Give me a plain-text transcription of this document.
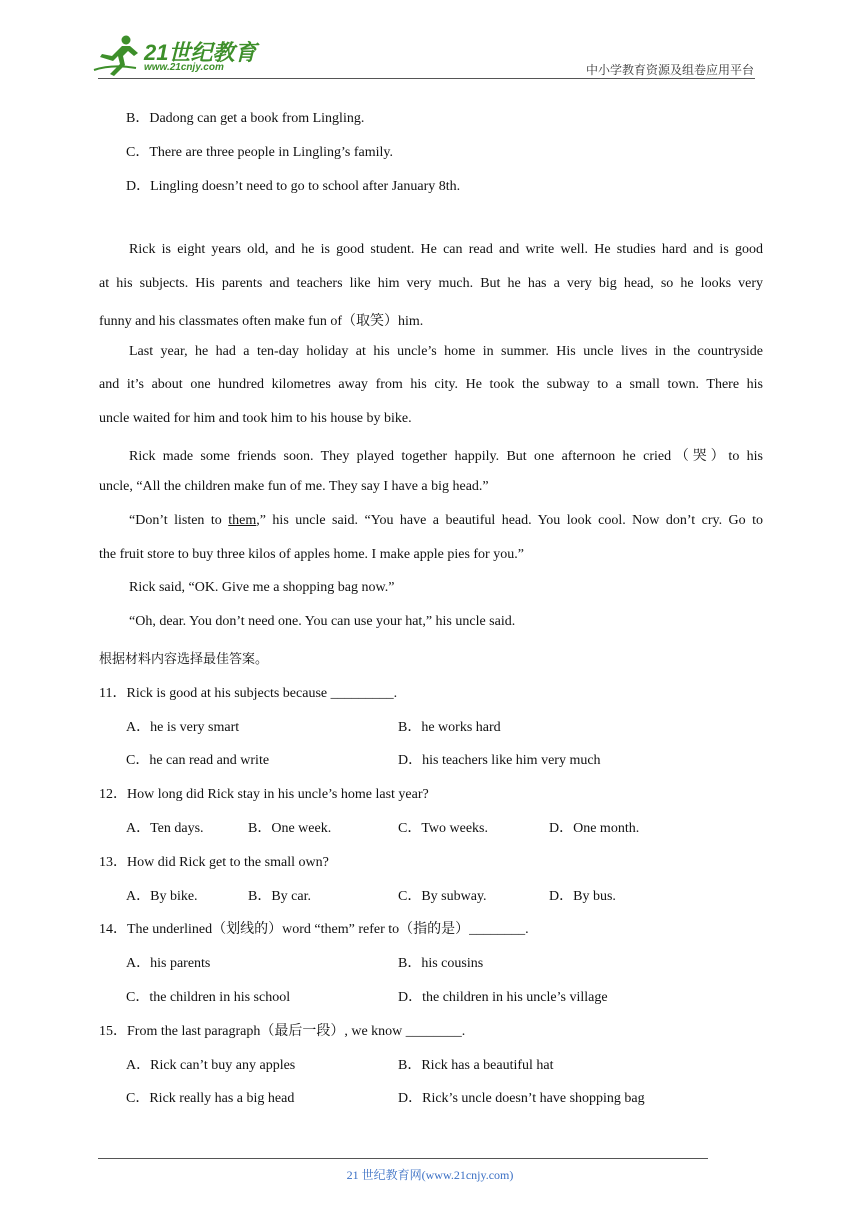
21世纪教育
www.21cnjy.com	中小学教育资源及组卷应用平台
B．Dadong can get a book from Lingling.
C．There are three people in Lingling’s family.
D．Lingling doesn’t need to go to school after January 8th.
Rick is eight years old, and he is good student. He can read and write well. He studies hard and is good
at his subjects. His parents and teachers like him very much. But he has a very big head, so he looks very
funny and his classmates often make fun of（取笑）him.
Last year, he had a ten-day holiday at his uncle’s home in summer. His uncle lives in the countryside
and it’s about one hundred kilometres away from his city. He took the subway to a small town. There his
uncle waited for him and took him to his house by bike.
Rick made some friends soon. They played together happily. But one afternoon he cried（哭）to his
uncle, “All the children make fun of me. They say I have a big head.”
“Don’t listen to them,” his uncle said. “You have a beautiful head. You look cool. Now don’t cry. Go to
the fruit store to buy three kilos of apples home. I make apple pies for you.”
Rick said, “OK. Give me a shopping bag now.”
“Oh, dear. You don’t need one. You can use your hat,” his uncle said.
根据材料内容选择最佳答案。
11．Rick is good at his subjects because _________.
A．he is very smart	B．he works hard
C．he can read and write	D．his teachers like him very much
12．How long did Rick stay in his uncle’s home last year?
A．Ten days.	B．One week.	C．Two weeks.	D．One month.
13．How did Rick get to the small own?
A．By bike.	B．By car.	C．By subway.	D．By bus.
14．The underlined（划线的）word “them” refer to（指的是）________.
A．his parents	B．his cousins
C．the children in his school	D．the children in his uncle’s village
15．From the last paragraph（最后一段）, we know ________.
A．Rick can’t buy any apples	B．Rick has a beautiful hat
C．Rick really has a big head	D．Rick’s uncle doesn’t have shopping bag
21 世纪教育网(www.21cnjy.com)
